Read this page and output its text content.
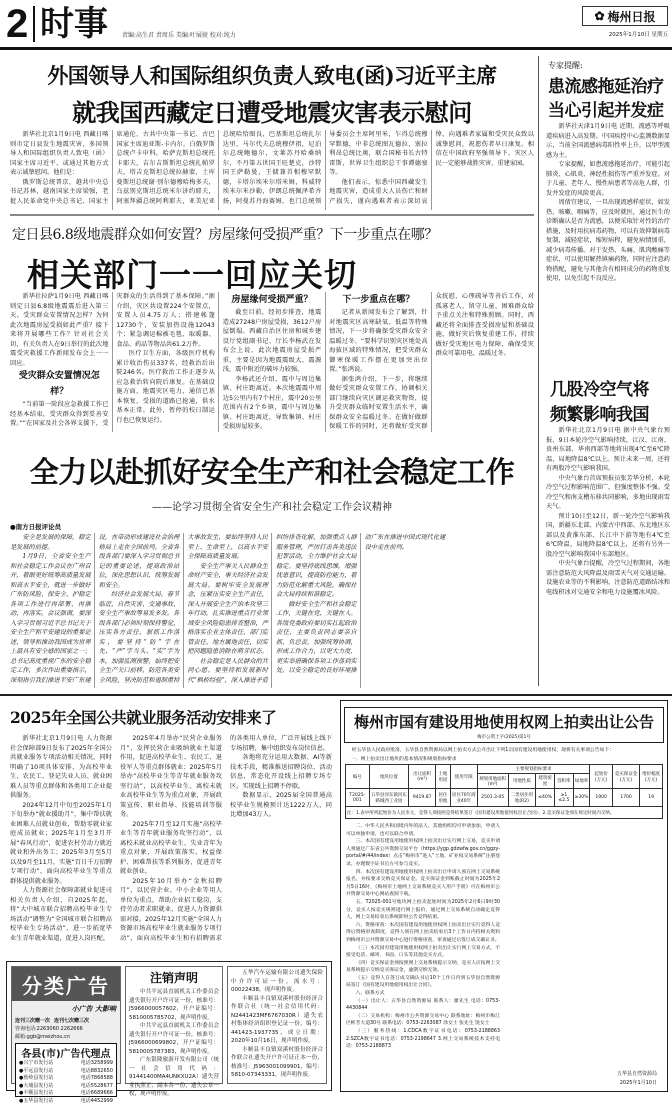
2 时事 责编:高生君 责周乐 美编:叶展骏 校对:纯力
✿ 梅州日报
2025年1月10日 星期五
外国领导人和国际组织负责人致电(函)习近平主席
就我国西藏定日遭受地震灾害表示慰问

新华社北京1月9日电 西藏日喀则市定日县发生地震灾害，多国领导人和国际组织负责人致电（函）国家主席习近平，或通过其他方式表示诚挚慰问。他们是：

俄罗斯总统普京，越共中央总书记苏林，越南国家主席梁强，老挝人民革命党中央总书记、国家主席通伦，古共中央第一书记、古巴国家主席迪亚斯-卡内尔，白俄罗斯总统卢卡申科，哈萨克斯坦总统托卡耶夫，吉尔吉斯斯坦总统扎帕罗夫，塔吉克斯坦总统拉赫蒙，土库曼斯坦总统谢·别尔德穆哈梅多夫，乌兹别克斯坦总统米尔济约耶夫，阿塞拜疆总统阿利耶夫，亚美尼亚总统哈恰图良，巴基斯坦总统扎尔达里，马尔代夫总统穆伊祖，尼泊尔总统鲍德尔，文莱苏丹哈桑纳尔，不丹第五世国王旺楚克，沙特国王萨勒曼，王储兼首相穆罕默德，卡塔尔埃米尔塔米姆，科威特埃米尔米沙勒，伊朗总统佩泽希齐扬，阿曼苏丹海赛姆，也门总统领导委员会主席阿里米，乍得总统穆罕默德，中非总统图瓦德拉，塞拉利昂总统比奥，联合国秘书长古特雷斯，世界卫生组织总干事谭德塞等。

他们表示，惊悉中国西藏发生地震灾害，造成重大人员伤亡和财产损失，谨向遇难者表示深切哀悼，向遇难者家属和受灾民众致以诚挚慰问，祝愿伤者早日康复。相信在中国政府坚强领导下，灾区人民一定能够战胜灾害、重建家园。

定日县6.8级地震群众如何安置？房屋缘何受损严重？下一步重点在哪？
相关部门一一回应关切

新华社拉萨1月9日电 西藏日喀则定日县6.8级地震震后进入第三天。受灾群众安置情况怎样？为何此次地震房屋受损如此严重？接下来将开展哪些工作？针对社会关切，有关负责人在9日举行的此次地震受灾救援工作新闻发布会上一一回应。

受灾群众安置情况怎样？

“当前第一阶段应急救援工作已经基本结束，受灾群众得到妥善安置。”“在国家及社会各界支援下，受灾群众的生活得到了基本保障。”据介绍，灾区共设置224个安置点，安置人员4.75万人；搭建帐篷12730个，安装加热设施12043个；紧急调运棉被毛毯、取暖器、食品、药品等物品共61.2万件。

医疗卫生方面，各级医疗机构累计收治伤员337名，经救治后出院246名。医疗救治工作正逐步从应急救治转向院后康复。在基础设施方面，地震灾区电力、通信已基本恢复，受损的道路已抢通，供水基本正常。此外，暂停的校日制运行也已恢复运行。

房屋缘何受损严重？

截至目前，经初步排查，地震造成27248户房屋受损，3612户房屋倒塌。西藏自治区住房和城乡建设厅党组副书记、厅长李杨武在发布会上说，此次地震房屋受损严重，主要是因为地震震级大、震源浅，震中附近的破坏力较强。

李杨武还介绍，震中与周边集镇、村庄距离近。本次地震震中周边5公里内有7个村庄，震中20公里范围内有2个乡镇，震中与周边集镇、村庄距离近，导致集镇、村庄受损房屋较多。

下一步重点在哪？

记者从新闻发布会了解到，针对地震灾区高寒缺氧、低温等特殊情况，下一步将确保受灾群众安全温暖过冬。“要科学识别灾区地处高海拔区域的特殊情况，把受灾群众御寒保暖工作摆在更加突出位置。”张鸿说。

据张鸿介绍，下一步，将继续做好受灾群众安置工作，协调相关部门继续向灾区调运救灾物资，提升受灾群众临时安置生活水平，确保群众安全温暖过冬。在做好做群保暖工作的同时，还将做好受灾群众抚慰、心理疏导等善后工作，对孤寡老人、留守儿童、困难群众给予重点关注和特殊照顾。同时，西藏还将全面排查受损房屋和基础设施，做好灾后恢复重建工作，持续做好受灾地区电力保障，确保受灾群众可靠用电、温暖过冬。

专家提醒:
患流感拖延治疗
当心引起并发症

新华社天津1月9日电 近期，流感等呼吸道疾病进入高发期。中国疾控中心监测数据显示，当前全国流感病毒阳性率上升，以甲型流感为主。

专家提醒，如患流感拖延治疗，可能引起肺炎、心肌炎、神经性损伤等严重并发症。对于儿童、老年人、慢性病患者等高危人群，引发并发症的风险更高。

周倩宜建议，一旦出现流感样症状，如发热、咳嗽、咽痛等，应及时就医，通过医生的诊断确认是否为流感，以便采取针对性的治疗措施，及时用抗病毒药物，可以有效抑制病毒复制，减轻症状，缩短病程，避免病情加重，减少病毒传播。对于发热、头痛、肌肉酸痛等症状，可以使用解热镇痛药物，同时应注意药物搭配，避免与其他含有相同成分的药物重复使用，以免引起不良反应。

几股冷空气将
频繁影响我国

新华社北京1月9日电 据中央气象台预报，9日本轮冷空气影响持续，江汉、江南、贵州东部、华南西部等地将出现4℃至6℃降温，局地降温8℃以上。预计未来一周，还将有两股冷空气影响我国。

中央气象台首席预报员张芳华分析，本轮冷空气过程影响范围广，但强度整体不强。受冷空气和南支槽东移共同影响，多地出现雨雪天气。

预计10日至12日，新一轮冷空气影响我国，新疆东北部、内蒙古中西部、东北地区东部以及黄淮东部、长江中下游等地有4℃至6℃降温，局地降温8℃以上，还将有另外一股冷空气影响我国中东部地区。

中央气象台提醒，冷空气过程期间，各地需注意防范大风降温及雨雪天气对交通运输、设施农业等的不利影响，注意防范道路结冰和电线积冰对交通安全和电力设施覆冰风险。

全力以赴抓好安全生产和社会稳定工作
——论学习贯彻全省安全生产和社会稳定工作会议精神
●南方日报评论员

安全是发展的保障，稳定是发展的前提。

1月9日，全省安全生产和社会稳定工作会议在广州召开，着眼更好统筹高质量发展和高水平安全，就进一步做好广东防风险、保安全、护稳定各项工作进行再部署、再推动、再落实。会议强调，要深入学习贯彻习近平总书记关于安全生产和平安建设的重要论述，领导和推动我国成为世界上最具有安全感的国家之一；总书记高度重视广东的安全稳定工作，多次作出重要指示，深刻指引我们推进平安广东建设，在带动形成建设社会治理格局上走在全国前列。全省各级各部门要深入学习贯彻总书记的重要论述，提高政治站位，深化思想认识，统筹发展和安全。

经济社会发展大局。春节临近，自然灾害、交通事故、安全生产事故等易发多发。各级各部门必须时刻保持警觉，压实各方责任，狠抓工作落实，要坚持“防”字在先、“严”字当头、“实”字为本，加强监测预警，始终把安全生产关口前移，防范各类安全风险，坚决防范和遏制重特大事故发生，要始终坚持人民至上、生命至上，以高水平安全保障高质量发展。

安全生产事关人民群众生命财产安全，事关经济社会发展大局。要树牢安全发展理念，压紧压实安全生产责任，深入开展安全生产治本攻坚三年行动，扎实推进重点行业领域安全风险隐患排查整治，严格落实企业主体责任、部门监管责任、地方属地责任，切实把问题隐患消除在萌芽状态。

社会稳定是人民群众的共同心愿。要坚持和发展新时代“枫桥经验”，深入推进矛盾纠纷排查化解，加强重点人群服务管理，严厉打击各类违法犯罪活动，全力维护社会大局稳定。要坚持底线思维，增强忧患意识，提高防控能力，着力防范化解重大风险，确保社会大局持续和谐稳定。

做好安全生产和社会稳定工作，关键在党、关键在人。各级党委政府要切实扛起政治责任，主要负责同志要亲自抓、负总责，加强统筹协调，形成工作合力，以更大力度、更实举措确保各项工作落到实处，以安全稳定的良好环境推动广东在推进中国式现代化建设中走在前列。

2025年全国公共就业服务活动安排来了

新华社北京1月9日电 人力资源社会保障部9日发布了2025年全国公共就业服务专项活动相关情况，同时明确了10项具体安排，为高校毕业生、农民工、登记失业人员、就业困难人员等重点群体和各类用工企业提供服务。

2024年12月中旬至2025年1月下旬举办“就业援助月”，集中帮扶就业困难人员就业创业，帮助零就业家庭成员就业；2025年1月至3月开展“春风行动”，促进农村劳动力就近就业和外出务工；2025年3月至5月以及9月至11月，实施“百日千万招聘专项行动”，面向高校毕业生等重点群体提供就业服务。

人力资源社会保障部就业促进司相关负责人介绍，自2025年起，将“大中城市联合招聘高校毕业生专场活动”调整为“全国城市联合招聘高校毕业生专场活动”，进一步拓宽毕业生青年就业渠道，促进人岗匹配。

2025年4月举办“民营企业服务月”，发挥民营企业吸纳就业主渠道作用，促进高校毕业生、农民工、退役军人等重点群体就业；2025年5月举办“高校毕业生等青年就业服务攻坚行动”，以高校毕业生、离校未就业高校毕业生等为重点对象，开展政策宣传、职业指导、技能培训等服务。

2025年7月至12月实施“高校毕业生等青年就业服务攻坚行动”，以离校未就业高校毕业生、失业青年为重点对象，开展政策落实、权益保护、困难帮扶等系列服务，促进青年就业创业。

2025年10月举办“金秋招聘月”，以民营企业、中小企业等用人单位为重点，帮助企业招工稳岗，支持劳动者求职就业，促进人力资源供需对接。2025年12月实施“全国人力资源市场高校毕业生就业服务专项行动”，面向高校毕业生和有招聘需求的各类用人单位，广泛开展线上线下专场招聘，集中组织发布岗位信息。

各地将充分运用大数据、AI等新技术手段，精准推送招聘岗位、活动信息，常态化开设线上招聘专场专区，实现线上招聘不停歇。

数据显示，2025届全国普通高校毕业生规模预计达1222万人，同比增加43万人。

分类广告
小广告 大影响
连刊三次赠一次 连刊七次赠三次
咨询电话:2263060 2262666
邮箱:ggb@meizhou.cn
各县(市)广告代理点
●兴宁市发行站	电话3258999
●平远县发行站	电话8832650
●蕉岭县发行站	电话7868588
●大埔县发行站	电话5528677
●丰顺县发行站	电话6689666
●五华县发行站	电话4452999
注销声明

中共平远县直属机关工作委员会遗失银行开户许可证一份，核准号：J5966000057602，开户证编号：5810005785702，现声明作废。

中共平远县直属机关工作委员会遗失银行开户许可证一份，核准号：J5966000699802，开户证编号：5810005787383，现声明作废。

广东银隆旅游开发有限公司（统一社会信用代码：91441400MA4UNKXU2A）遗失营业执照正、副本各一份，遗失公章一枚，现声明作废。

五华汽车运输有限公司遗失保险中介许可证一份，流水号：00022438，现声明作废。

丰顺县丰良镇双溪村股份经济合作联合社（统一社会信用代码：N2441423MF6767030R）遗失农村集体经济组织登记证一份，编号：441423-1937735，成立日期：2020年10月16日，现声明作废。

丰顺县丰良镇双溪村股份经济合作联合社遗失开户许可证正本一份，核准号：J5963001099901，编号：5810-07343331，现声明作废。

梅州市国有建设用地使用权网上拍卖出让公告
梅市公资土字(2025)第1号
经五华县人民政府批准，五华县自然资源局以网上拍卖方式公开出让下列1宗国有建设用地使用权，现将有关事项公告如下：
一、网上拍卖出让地块的基本情况和规划指标要求
编号	地块位置	出让面积(m²)	土地用途	使用年限	主要规划指标要求					起始价(万元)	竞买保证金(万元)	增价幅度(万元)
					规划用地面积(m²)	用地性质	建筑密度	容积率	绿地率			
T2025-001	五华县河东镇河东路城西工业园	9419.87	居住用地	居住70年商业40年	2501.3-05	二类居住用地(R2)	≤40%	≥1 ≤2.5	≥30%	1900	1700	19
注：1.表中所列起始价为人民币元，竞得人须按照竞得结果签订《国有建设用地使用权出让合同》；2.竞买保证金须在规定时间内交纳。												

二、中华人民共和国境内外的法人、其他组织均可申请参加，申请人可以单独申请，也可以联合申请。

三、本次国有建设用地使用权网上拍卖出让实行网上交易，竞买申请人须通过广东省公共资源交易平台（https://ygp.gdzwfw.gov.cn/ggzy-portal/#/44/index）点击“梅州市”进入“土地、矿业权交易系统”注册登录，办理数字证书后方可参与竞买。

四、本次国有建设用地使用权网上拍卖出让申请人须在网上交易系统报名，并按要求交纳竞买保证金。竞买保证金到账截止时间为2025年2月5日16时，《梅州市土地网上交易系统竞买人用户手册》可在梅州市公共资源交易中心网站查阅下载。

五、T2025-001号地块网上拍卖起始时间为2025年2月6日9时30分，竞买人按竞买规则进行网上报价，通过网上交易系统自动确定竞得人，网上交易结束后系统即时公告竞得结果。

六、资格审查：本次国有建设用地使用权网上拍卖出让实行竞得人竞得后资格审查制度，竞得人须在网上拍卖结束后3个工作日内持相关资料到梅州市公共资源交易中心进行资格审查，审查通过后签订成交确认书。

（三）本次国有建设用地使用权网上拍卖出让实行网上交易方式，不接受电话、邮寄、书面、口头等其他竞买方式。

（四）竞买保证金须按照网上交易系统提示交纳，竞买人应按网上交易系统提示交纳竞买保证金，逾期交纳无效。

（五）竞得人在签订成交确认书后10个工作日内到五华县自然资源局签订《国有建设用地使用权出让合同》。

八、联系方式

（一）出让人：五华县自然资源局 联系人：廖先生 电话：0753-4430844

（二）交易机构：梅州市公共资源交易中心 联系地址：梅州市梅江区彬芳大道30号 联系电话：0753-2263087 涂女士 张先生 饶女士

（三）服务热线：1.CDCA数字证书电话：0753-2188863 2.SZCA数字证书电话：0753-2198647 3.网上交易系统技术支持电话：0753-2188873

五华县自然资源局
2025年1月10日
